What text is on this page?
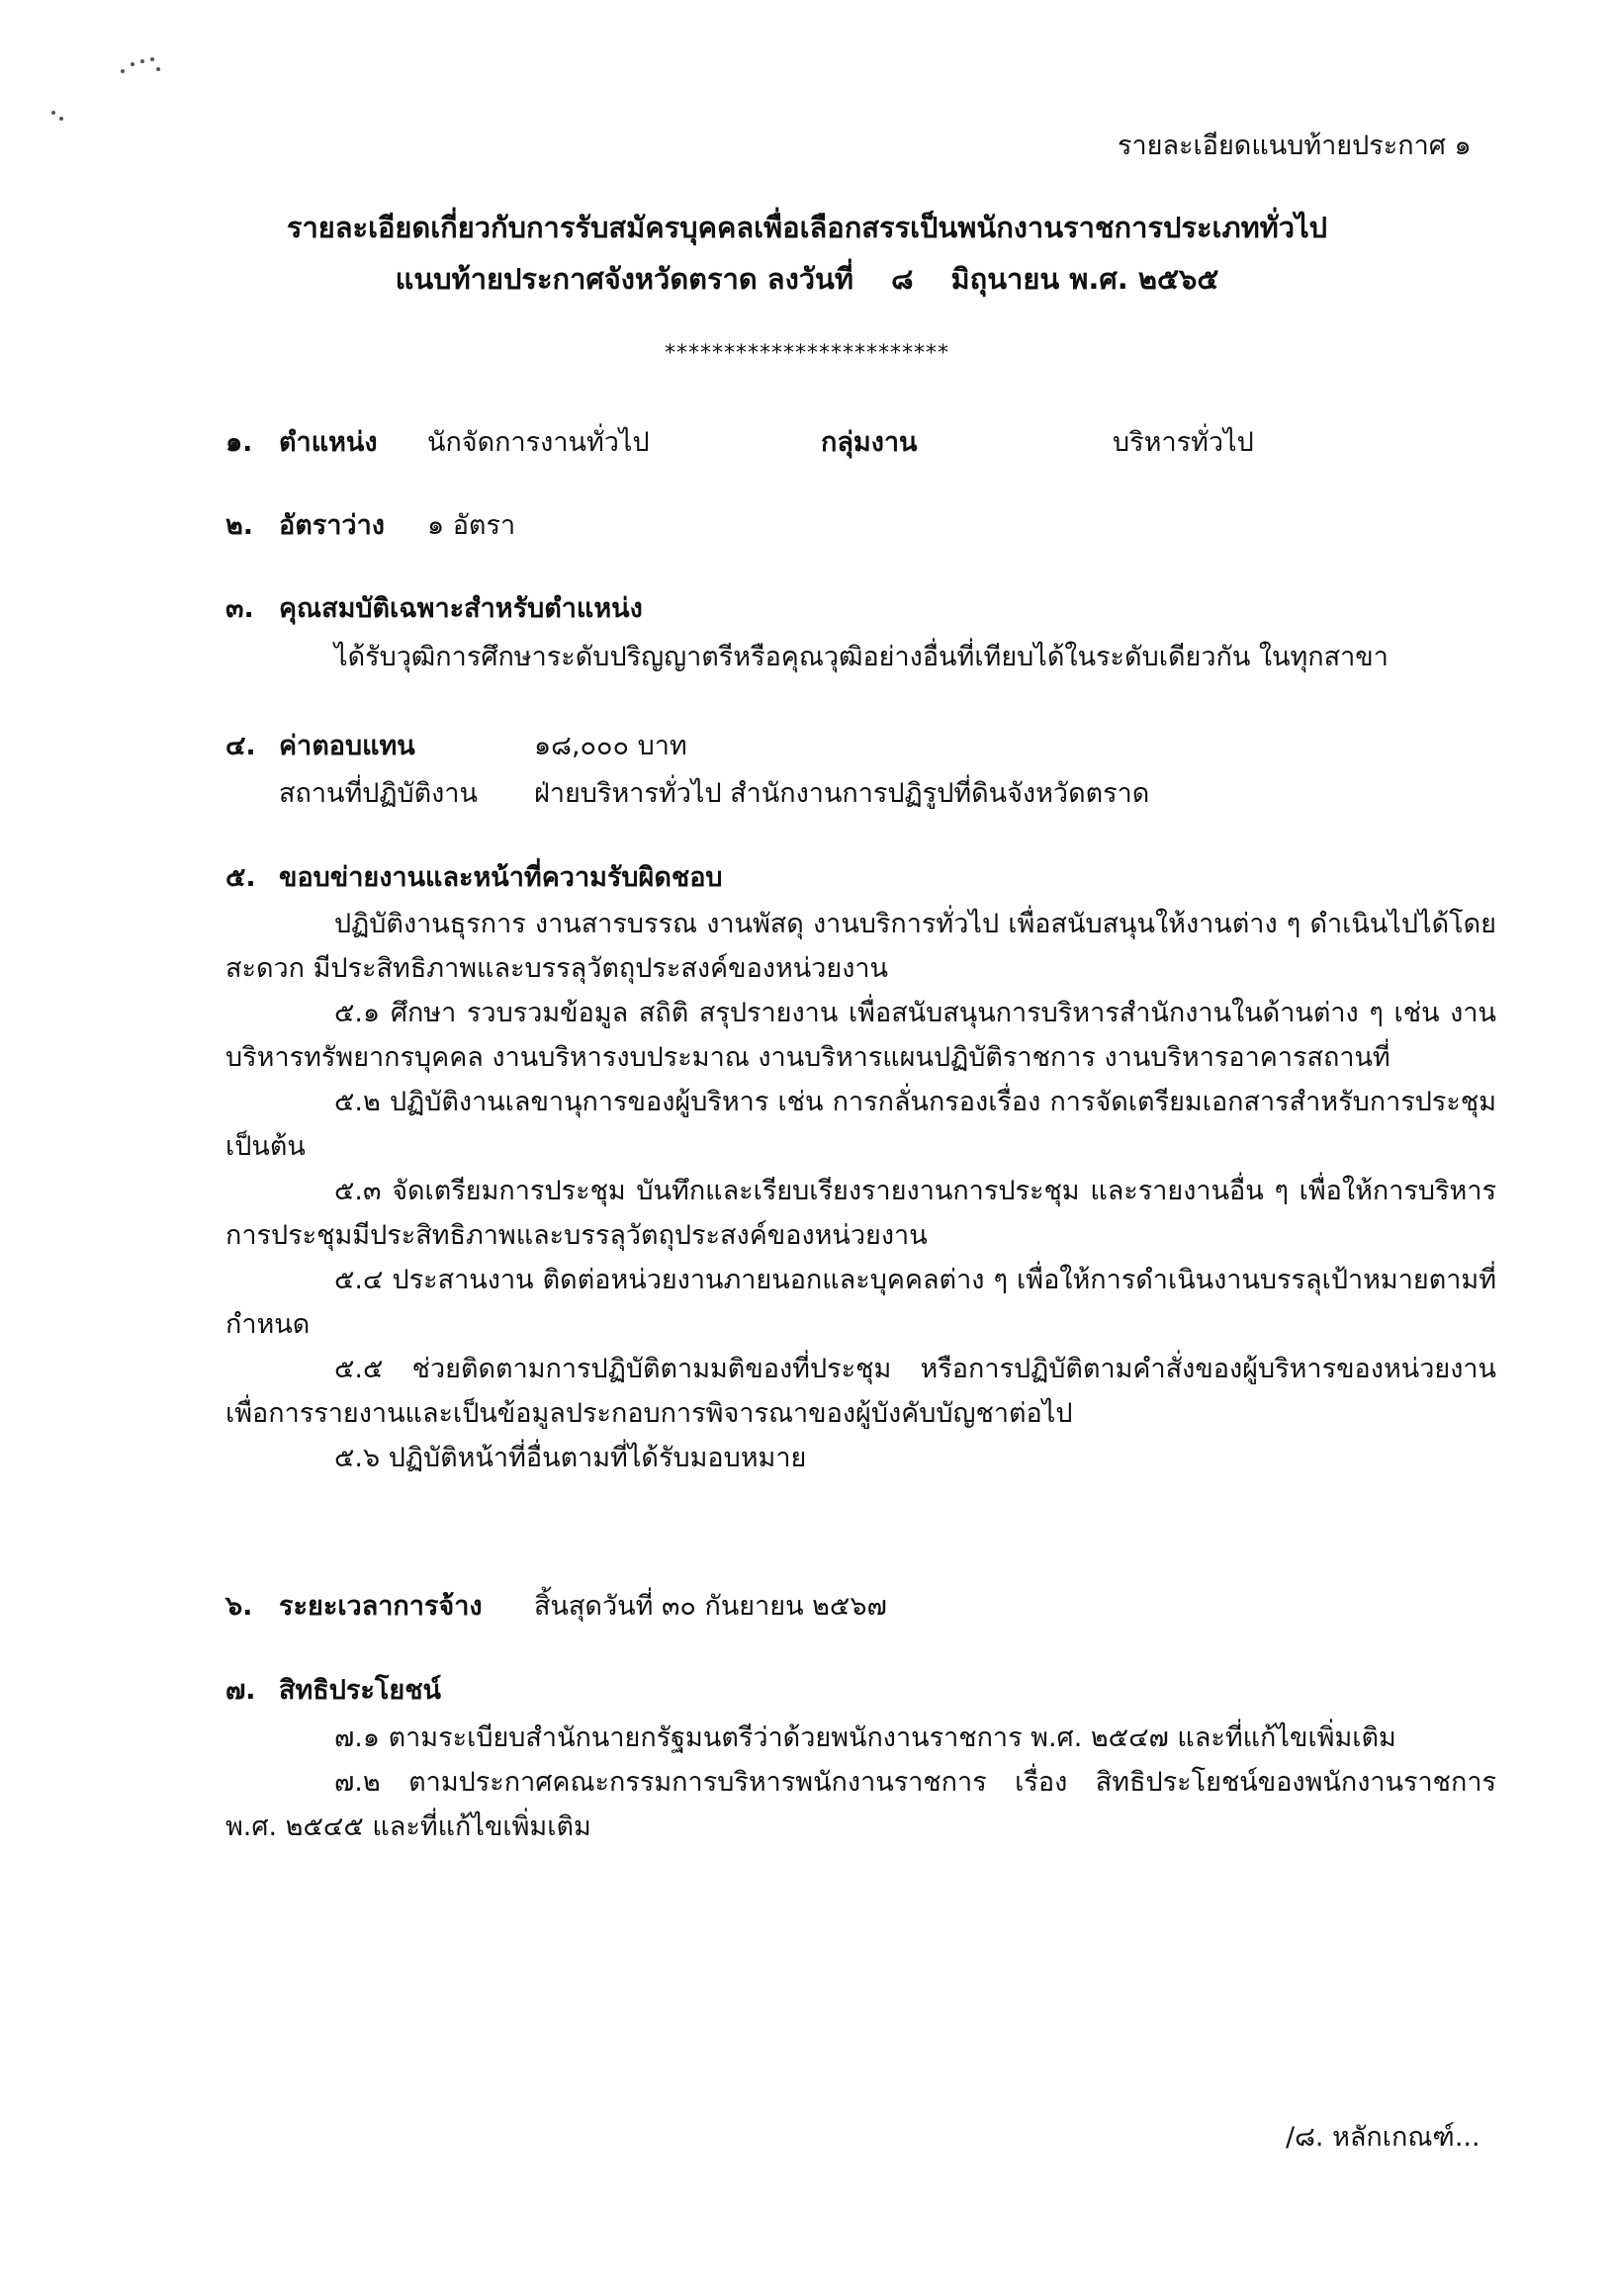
รายละเอียดแนบท้ายประกาศ ๑
รายละเอียดเกี่ยวกับการรับสมัครบุคคลเพื่อเลือกสรรเป็นพนักงานราชการประเภททั่วไป
แนบท้ายประกาศจังหวัดตราด ลงวันที่ ๘ มิถุนายน พ.ศ. ๒๕๖๕
************************
๑. ตำแหน่ง นักจัดการงานทั่วไป	กลุ่มงาน	บริหารทั่วไป
๒. อัตราว่าง ๑ อัตรา
๓. คุณสมบัติเฉพาะสำหรับตำแหน่ง
ได้รับวุฒิการศึกษาระดับปริญญาตรีหรือคุณวุฒิอย่างอื่นที่เทียบได้ในระดับเดียวกัน ในทุกสาขา
๔. ค่าตอบแทน	๑๘,๐๐๐ บาท
สถานที่ปฏิบัติงาน ฝ่ายบริหารทั่วไป สำนักงานการปฏิรูปที่ดินจังหวัดตราด
๕. ขอบข่ายงานและหน้าที่ความรับผิดชอบ

ปฏิบัติงานธุรการ งานสารบรรณ งานพัสดุ งานบริการทั่วไป เพื่อสนับสนุนให้งานต่าง ๆ ดำเนินไปได้โดยสะดวก มีประสิทธิภาพและบรรลุวัตถุประสงค์ของหน่วยงาน

๕.๑ ศึกษา รวบรวมข้อมูล สถิติ สรุปรายงาน เพื่อสนับสนุนการบริหารสำนักงานในด้านต่าง ๆ เช่น งานบริหารทรัพยากรบุคคล งานบริหารงบประมาณ งานบริหารแผนปฏิบัติราชการ งานบริหารอาคารสถานที่

๕.๒ ปฏิบัติงานเลขานุการของผู้บริหาร เช่น การกลั่นกรองเรื่อง การจัดเตรียมเอกสารสำหรับการประชุม เป็นต้น

๕.๓ จัดเตรียมการประชุม บันทึกและเรียบเรียงรายงานการประชุม และรายงานอื่น ๆ เพื่อให้การบริหารการประชุมมีประสิทธิภาพและบรรลุวัตถุประสงค์ของหน่วยงาน

๕.๔ ประสานงาน ติดต่อหน่วยงานภายนอกและบุคคลต่าง ๆ เพื่อให้การดำเนินงานบรรลุเป้าหมายตามที่กำหนด

๕.๕ ช่วยติดตามการปฏิบัติตามมติของที่ประชุม หรือการปฏิบัติตามคำสั่งของผู้บริหารของหน่วยงานเพื่อการรายงานและเป็นข้อมูลประกอบการพิจารณาของผู้บังคับบัญชาต่อไป

๕.๖ ปฏิบัติหน้าที่อื่นตามที่ได้รับมอบหมาย

๖. ระยะเวลาการจ้าง สิ้นสุดวันที่ ๓๐ กันยายน ๒๕๖๗
๗. สิทธิประโยชน์

๗.๑ ตามระเบียบสำนักนายกรัฐมนตรีว่าด้วยพนักงานราชการ พ.ศ. ๒๕๔๗ และที่แก้ไขเพิ่มเติม

๗.๒ ตามประกาศคณะกรรมการบริหารพนักงานราชการ เรื่อง สิทธิประโยชน์ของพนักงานราชการ พ.ศ. ๒๕๔๕ และที่แก้ไขเพิ่มเติม

/๘. หลักเกณฑ์...
